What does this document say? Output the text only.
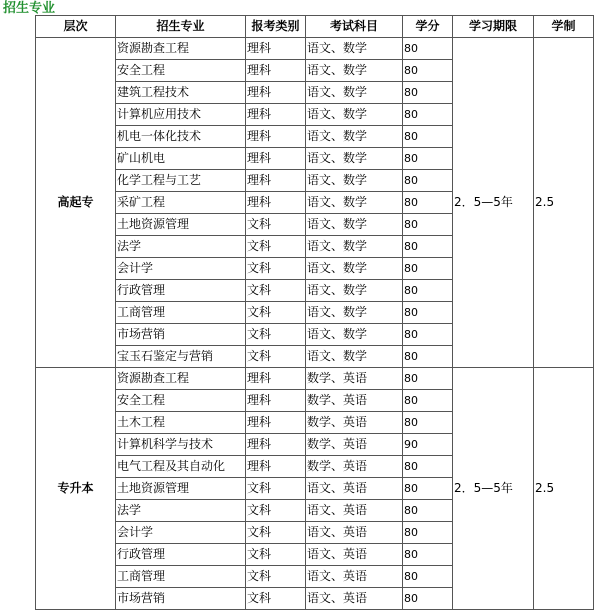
招生专业
层次	招生专业	报考类别	考试科目	学分	学习期限	学制
高起专	资源勘查工程	理科	语文、数学	80	2．5—5年	2.5
	安全工程	理科	语文、数学	80		
	建筑工程技术	理科	语文、数学	80		
	计算机应用技术	理科	语文、数学	80		
	机电一体化技术	理科	语文、数学	80		
	矿山机电	理科	语文、数学	80		
	化学工程与工艺	理科	语文、数学	80		
	采矿工程	理科	语文、数学	80		
	土地资源管理	文科	语文、数学	80		
	法学	文科	语文、数学	80		
	会计学	文科	语文、数学	80		
	行政管理	文科	语文、数学	80		
	工商管理	文科	语文、数学	80		
	市场营销	文科	语文、数学	80		
	宝玉石鉴定与营销	文科	语文、数学	80		
专升本	资源勘查工程	理科	数学、英语	80	2．5—5年	2.5
	安全工程	理科	数学、英语	80		
	土木工程	理科	数学、英语	80		
	计算机科学与技术	理科	数学、英语	90		
	电气工程及其自动化	理科	数学、英语	80		
	土地资源管理	文科	语文、英语	80		
	法学	文科	语文、英语	80		
	会计学	文科	语文、英语	80		
	行政管理	文科	语文、英语	80		
	工商管理	文科	语文、英语	80		
	市场营销	文科	语文、英语	80		
